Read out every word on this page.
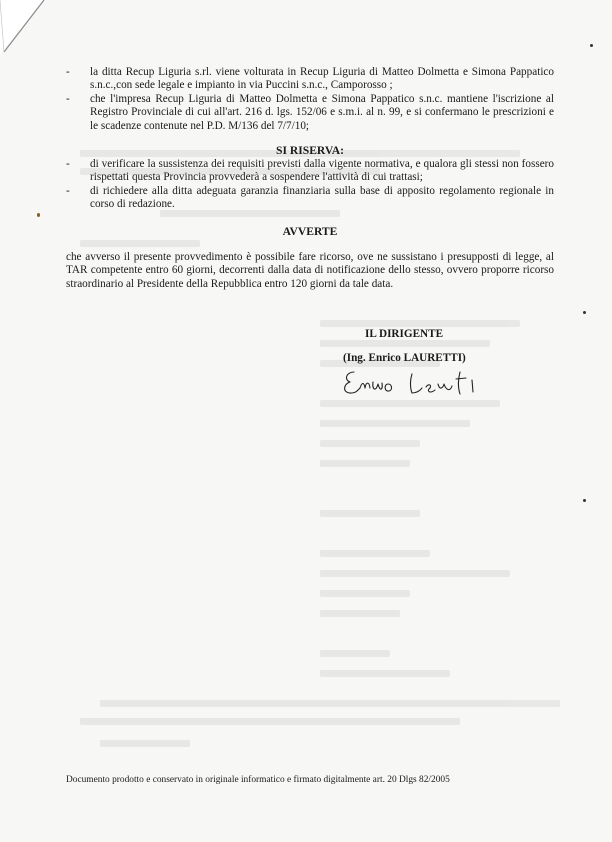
- la ditta Recup Liguria s.rl. viene volturata in Recup Liguria di Matteo Dolmetta e Simona Pappatico s.n.c.,con sede legale e impianto in via Puccini s.n.c., Camporosso ;
- che l'impresa Recup Liguria di Matteo Dolmetta e Simona Pappatico s.n.c. mantiene l'iscrizione al Registro Provinciale di cui all'art. 216 d. lgs. 152/06 e s.m.i. al n. 99, e si confermano le prescrizioni e le scadenze contenute nel P.D. M/136 del 7/7/10;
SI RISERVA:
- di verificare la sussistenza dei requisiti previsti dalla vigente normativa, e qualora gli stessi non fossero rispettati questa Provincia provvederà a sospendere l'attività di cui trattasi;
- di richiedere alla ditta adeguata garanzia finanziaria sulla base di apposito regolamento regionale in corso di redazione.
AVVERTE
che avverso il presente provvedimento è possibile fare ricorso, ove ne sussistano i presupposti di legge, al TAR competente entro 60 giorni, decorrenti dalla data di notificazione dello stesso, ovvero proporre ricorso straordinario al Presidente della Repubblica entro 120 giorni da tale data.
IL DIRIGENTE
(Ing. Enrico LAURETTI)
Documento prodotto e conservato in originale informatico e firmato digitalmente art. 20 Dlgs 82/2005
